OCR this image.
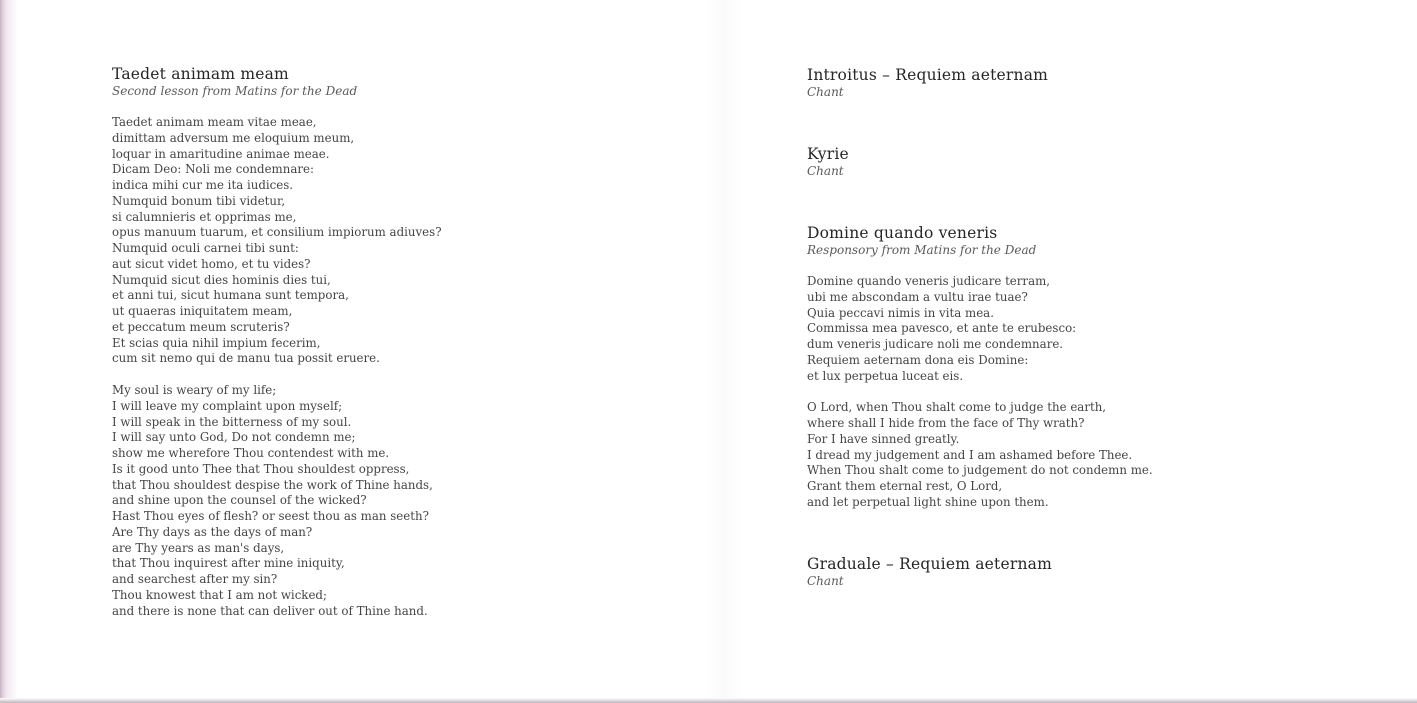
Taedet animam meam

Second lesson from Matins for the Dead

Taedet animam meam vitae meae,
dimittam adversum me eloquium meum,
loquar in amaritudine animae meae.
Dicam Deo: Noli me condemnare:
indica mihi cur me ita iudices.
Numquid bonum tibi videtur,
si calumnieris et opprimas me,
opus manuum tuarum, et consilium impiorum adiuves?
Numquid oculi carnei tibi sunt:
aut sicut videt homo, et tu vides?
Numquid sicut dies hominis dies tui,
et anni tui, sicut humana sunt tempora,
ut quaeras iniquitatem meam,
et peccatum meum scruteris?
Et scias quia nihil impium fecerim,
cum sit nemo qui de manu tua possit eruere.
My soul is weary of my life;
I will leave my complaint upon myself;
I will speak in the bitterness of my soul.
I will say unto God, Do not condemn me;
show me wherefore Thou contendest with me.
Is it good unto Thee that Thou shouldest oppress,
that Thou shouldest despise the work of Thine hands,
and shine upon the counsel of the wicked?
Hast Thou eyes of flesh? or seest thou as man seeth?
Are Thy days as the days of man?
are Thy years as man's days,
that Thou inquirest after mine iniquity,
and searchest after my sin?
Thou knowest that I am not wicked;
and there is none that can deliver out of Thine hand.
Introitus – Requiem aeternam

Chant

Kyrie

Chant

Domine quando veneris

Responsory from Matins for the Dead

Domine quando veneris judicare terram,
ubi me abscondam a vultu irae tuae?
Quia peccavi nimis in vita mea.
Commissa mea pavesco, et ante te erubesco:
dum veneris judicare noli me condemnare.
Requiem aeternam dona eis Domine:
et lux perpetua luceat eis.
O Lord, when Thou shalt come to judge the earth,
where shall I hide from the face of Thy wrath?
For I have sinned greatly.
I dread my judgement and I am ashamed before Thee.
When Thou shalt come to judgement do not condemn me.
Grant them eternal rest, O Lord,
and let perpetual light shine upon them.
Graduale – Requiem aeternam

Chant
